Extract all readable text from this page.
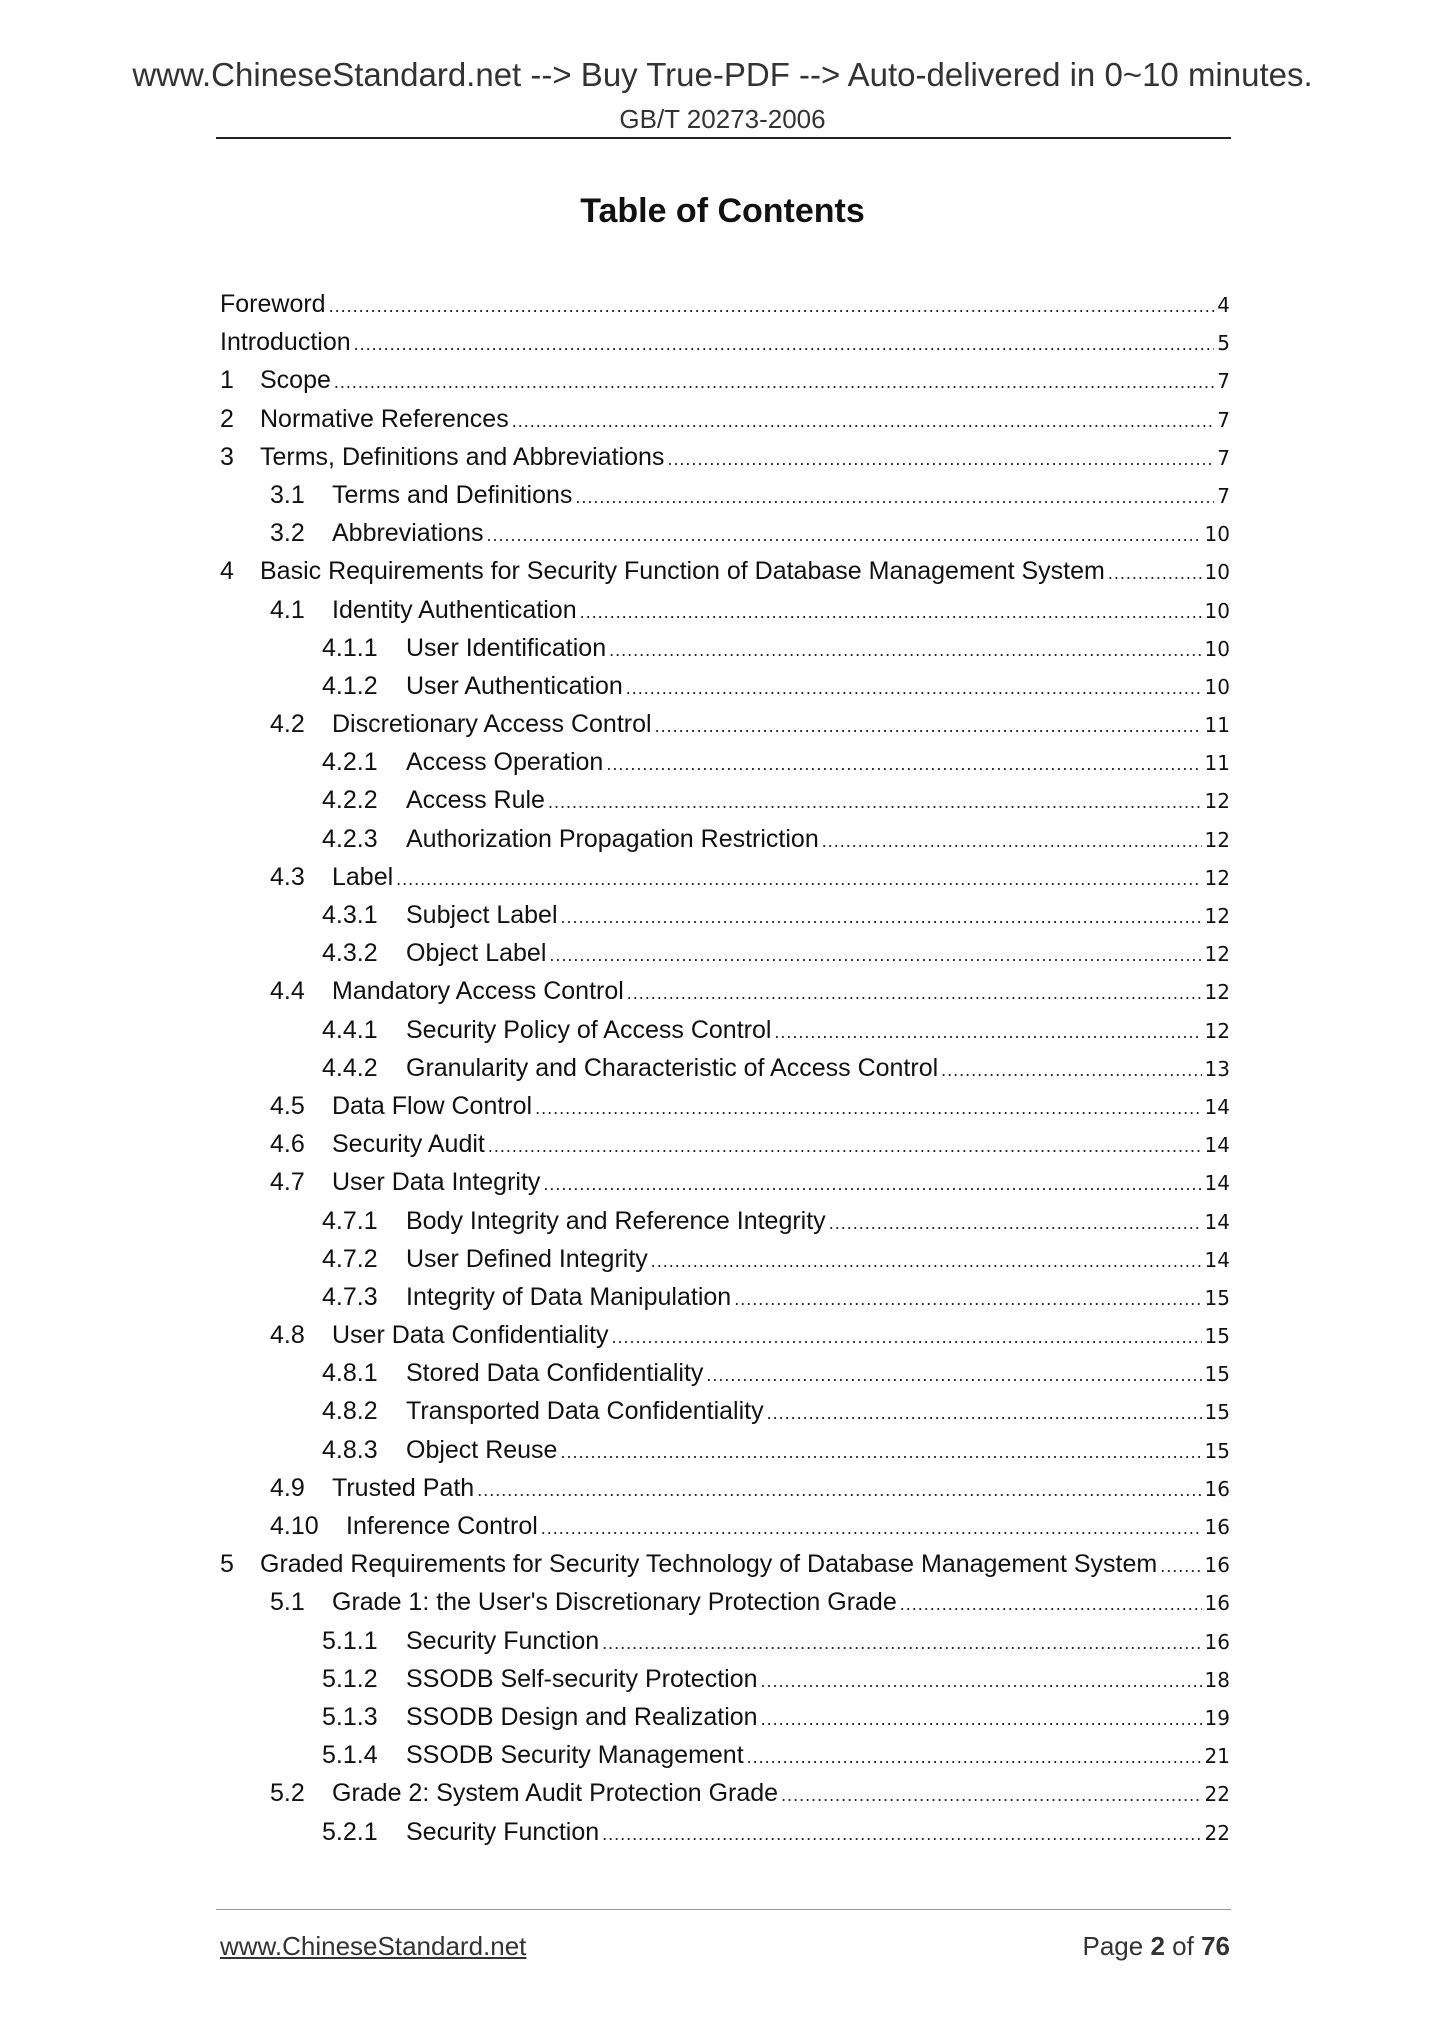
www.ChineseStandard.net --> Buy True-PDF --> Auto-delivered in 0~10 minutes.
GB/T 20273-2006
Table of Contents
Foreword .....	4
Introduction .....	5
1	Scope .....	7
2	Normative References .....	7
3	Terms, Definitions and Abbreviations .....	7
3.1	Terms and Definitions .....	7
3.2	Abbreviations .....	10
4	Basic Requirements for Security Function of Database Management System .....	10
4.1	Identity Authentication .....	10
4.1.1	User Identification .....	10
4.1.2	User Authentication .....	10
4.2	Discretionary Access Control .....	11
4.2.1	Access Operation .....	11
4.2.2	Access Rule .....	12
4.2.3	Authorization Propagation Restriction .....	12
4.3	Label .....	12
4.3.1	Subject Label .....	12
4.3.2	Object Label .....	12
4.4	Mandatory Access Control .....	12
4.4.1	Security Policy of Access Control .....	12
4.4.2	Granularity and Characteristic of Access Control .....	13
4.5	Data Flow Control .....	14
4.6	Security Audit .....	14
4.7	User Data Integrity .....	14
4.7.1	Body Integrity and Reference Integrity .....	14
4.7.2	User Defined Integrity .....	14
4.7.3	Integrity of Data Manipulation .....	15
4.8	User Data Confidentiality .....	15
4.8.1	Stored Data Confidentiality .....	15
4.8.2	Transported Data Confidentiality .....	15
4.8.3	Object Reuse .....	15
4.9	Trusted Path .....	16
4.10	Inference Control .....	16
5	Graded Requirements for Security Technology of Database Management System ..... 16
5.1	Grade 1: the User's Discretionary Protection Grade .....	16
5.1.1	Security Function .....	16
5.1.2	SSODB Self-security Protection .....	18
5.1.3	SSODB Design and Realization .....	19
5.1.4	SSODB Security Management .....	21
5.2	Grade 2: System Audit Protection Grade .....	22
5.2.1	Security Function .....	22
www.ChineseStandard.net	Page 2 of 76
